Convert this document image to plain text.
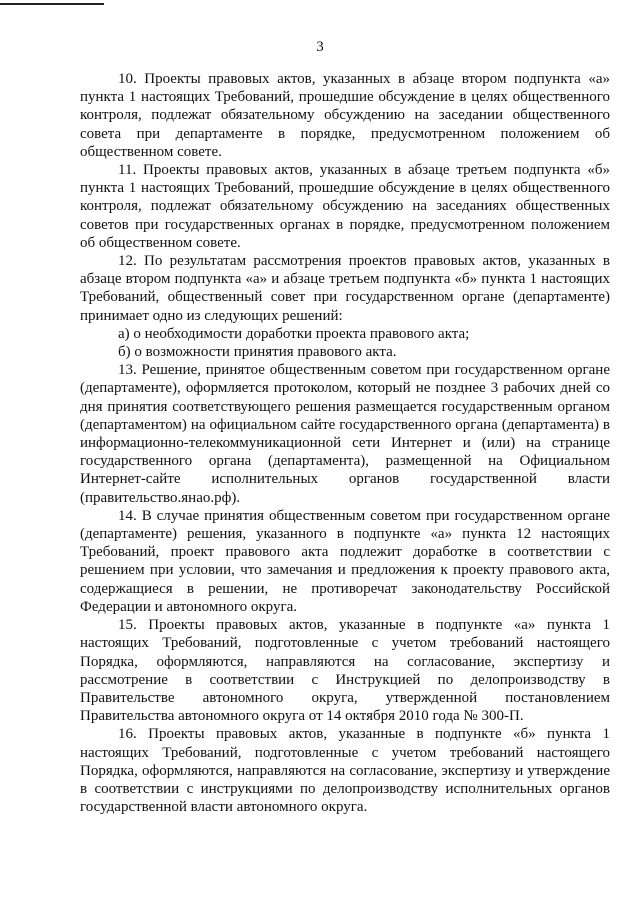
3

10. Проекты правовых актов, указанных в абзаце втором подпункта «а» пункта 1 настоящих Требований, прошедшие обсуждение в целях общественного контроля, подлежат обязательному обсуждению на заседании общественного совета при департаменте в порядке, предусмотренном положением об общественном совете.

11. Проекты правовых актов, указанных в абзаце третьем подпункта «б» пункта 1 настоящих Требований, прошедшие обсуждение в целях общественного контроля, подлежат обязательному обсуждению на заседаниях общественных советов при государственных органах в порядке, предусмотренном положением об общественном совете.

12. По результатам рассмотрения проектов правовых актов, указанных в абзаце втором подпункта «а» и абзаце третьем подпункта «б» пункта 1 настоящих Требований, общественный совет при государственном органе (департаменте) принимает одно из следующих решений:

а) о необходимости доработки проекта правового акта;

б) о возможности принятия правового акта.

13. Решение, принятое общественным советом при государственном органе (департаменте), оформляется протоколом, который не позднее 3 рабочих дней со дня принятия соответствующего решения размещается государственным органом (департаментом) на официальном сайте государственного органа (департамента) в информационно-телекоммуникационной сети Интернет и (или) на странице государственного органа (департамента), размещенной на Официальном Интернет-сайте исполнительных органов государственной власти (правительство.янао.рф).

14. В случае принятия общественным советом при государственном органе (департаменте) решения, указанного в подпункте «а» пункта 12 настоящих Требований, проект правового акта подлежит доработке в соответствии с решением при условии, что замечания и предложения к проекту правового акта, содержащиеся в решении, не противоречат законодательству Российской Федерации и автономного округа.

15. Проекты правовых актов, указанные в подпункте «а» пункта 1 настоящих Требований, подготовленные с учетом требований настоящего Порядка, оформляются, направляются на согласование, экспертизу и рассмотрение в соответствии с Инструкцией по делопроизводству в Правительстве автономного округа, утвержденной постановлением Правительства автономного округа от 14 октября 2010 года № 300-П.

16. Проекты правовых актов, указанные в подпункте «б» пункта 1 настоящих Требований, подготовленные с учетом требований настоящего Порядка, оформляются, направляются на согласование, экспертизу и утверждение в соответствии с инструкциями по делопроизводству исполнительных органов государственной власти автономного округа.
